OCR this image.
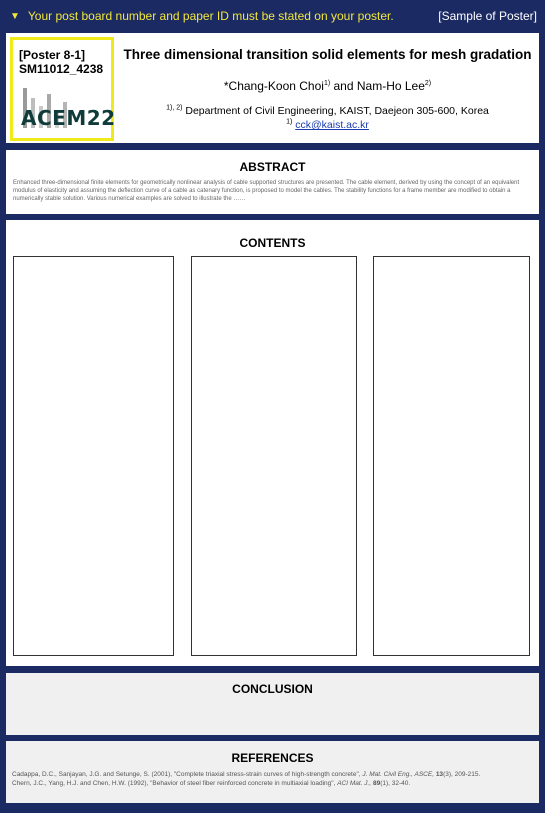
▼ Your post board number and paper ID must be stated on your poster.	[Sample of Poster]
[Poster 8-1]
SM11012_4238
ACEM22
Three dimensional transition solid elements for mesh gradation
*Chang-Koon Choi$^{1)}$ and Nam-Ho Lee$^{2)}$
$^{1), 2)}$ Department of Civil Engineering, KAIST, Daejeon 305-600, Korea
$^{1)}$ cck@kaist.ac.kr
ABSTRACT
Enhanced three-dimensional finite elements for geometrically nonlinear analysis of cable supported structures are presented. The cable element, derived by using the concept of an equivalent modulus of elasticity and assuming the deflection curve of a cable as catenary function, is proposed to model the cables. The stability functions for a frame member are modified to obtain a numerically stable solution. Various numerical examples are solved to illustrate the ……
CONTENTS
CONCLUSION
REFERENCES
Cadappa, D.C., Sanjayan, J.G. and Setunge, S. (2001), "Complete triaxial stress-strain curves of high-strength concrete", J. Mat. Civil Eng., ASCE, 13(3), 209-215.
Chern, J.C., Yang, H.J. and Chen, H.W. (1992), "Behavior of steel fiber reinforced concrete in multiaxial loading", ACI Mat. J., 89(1), 32-40.
